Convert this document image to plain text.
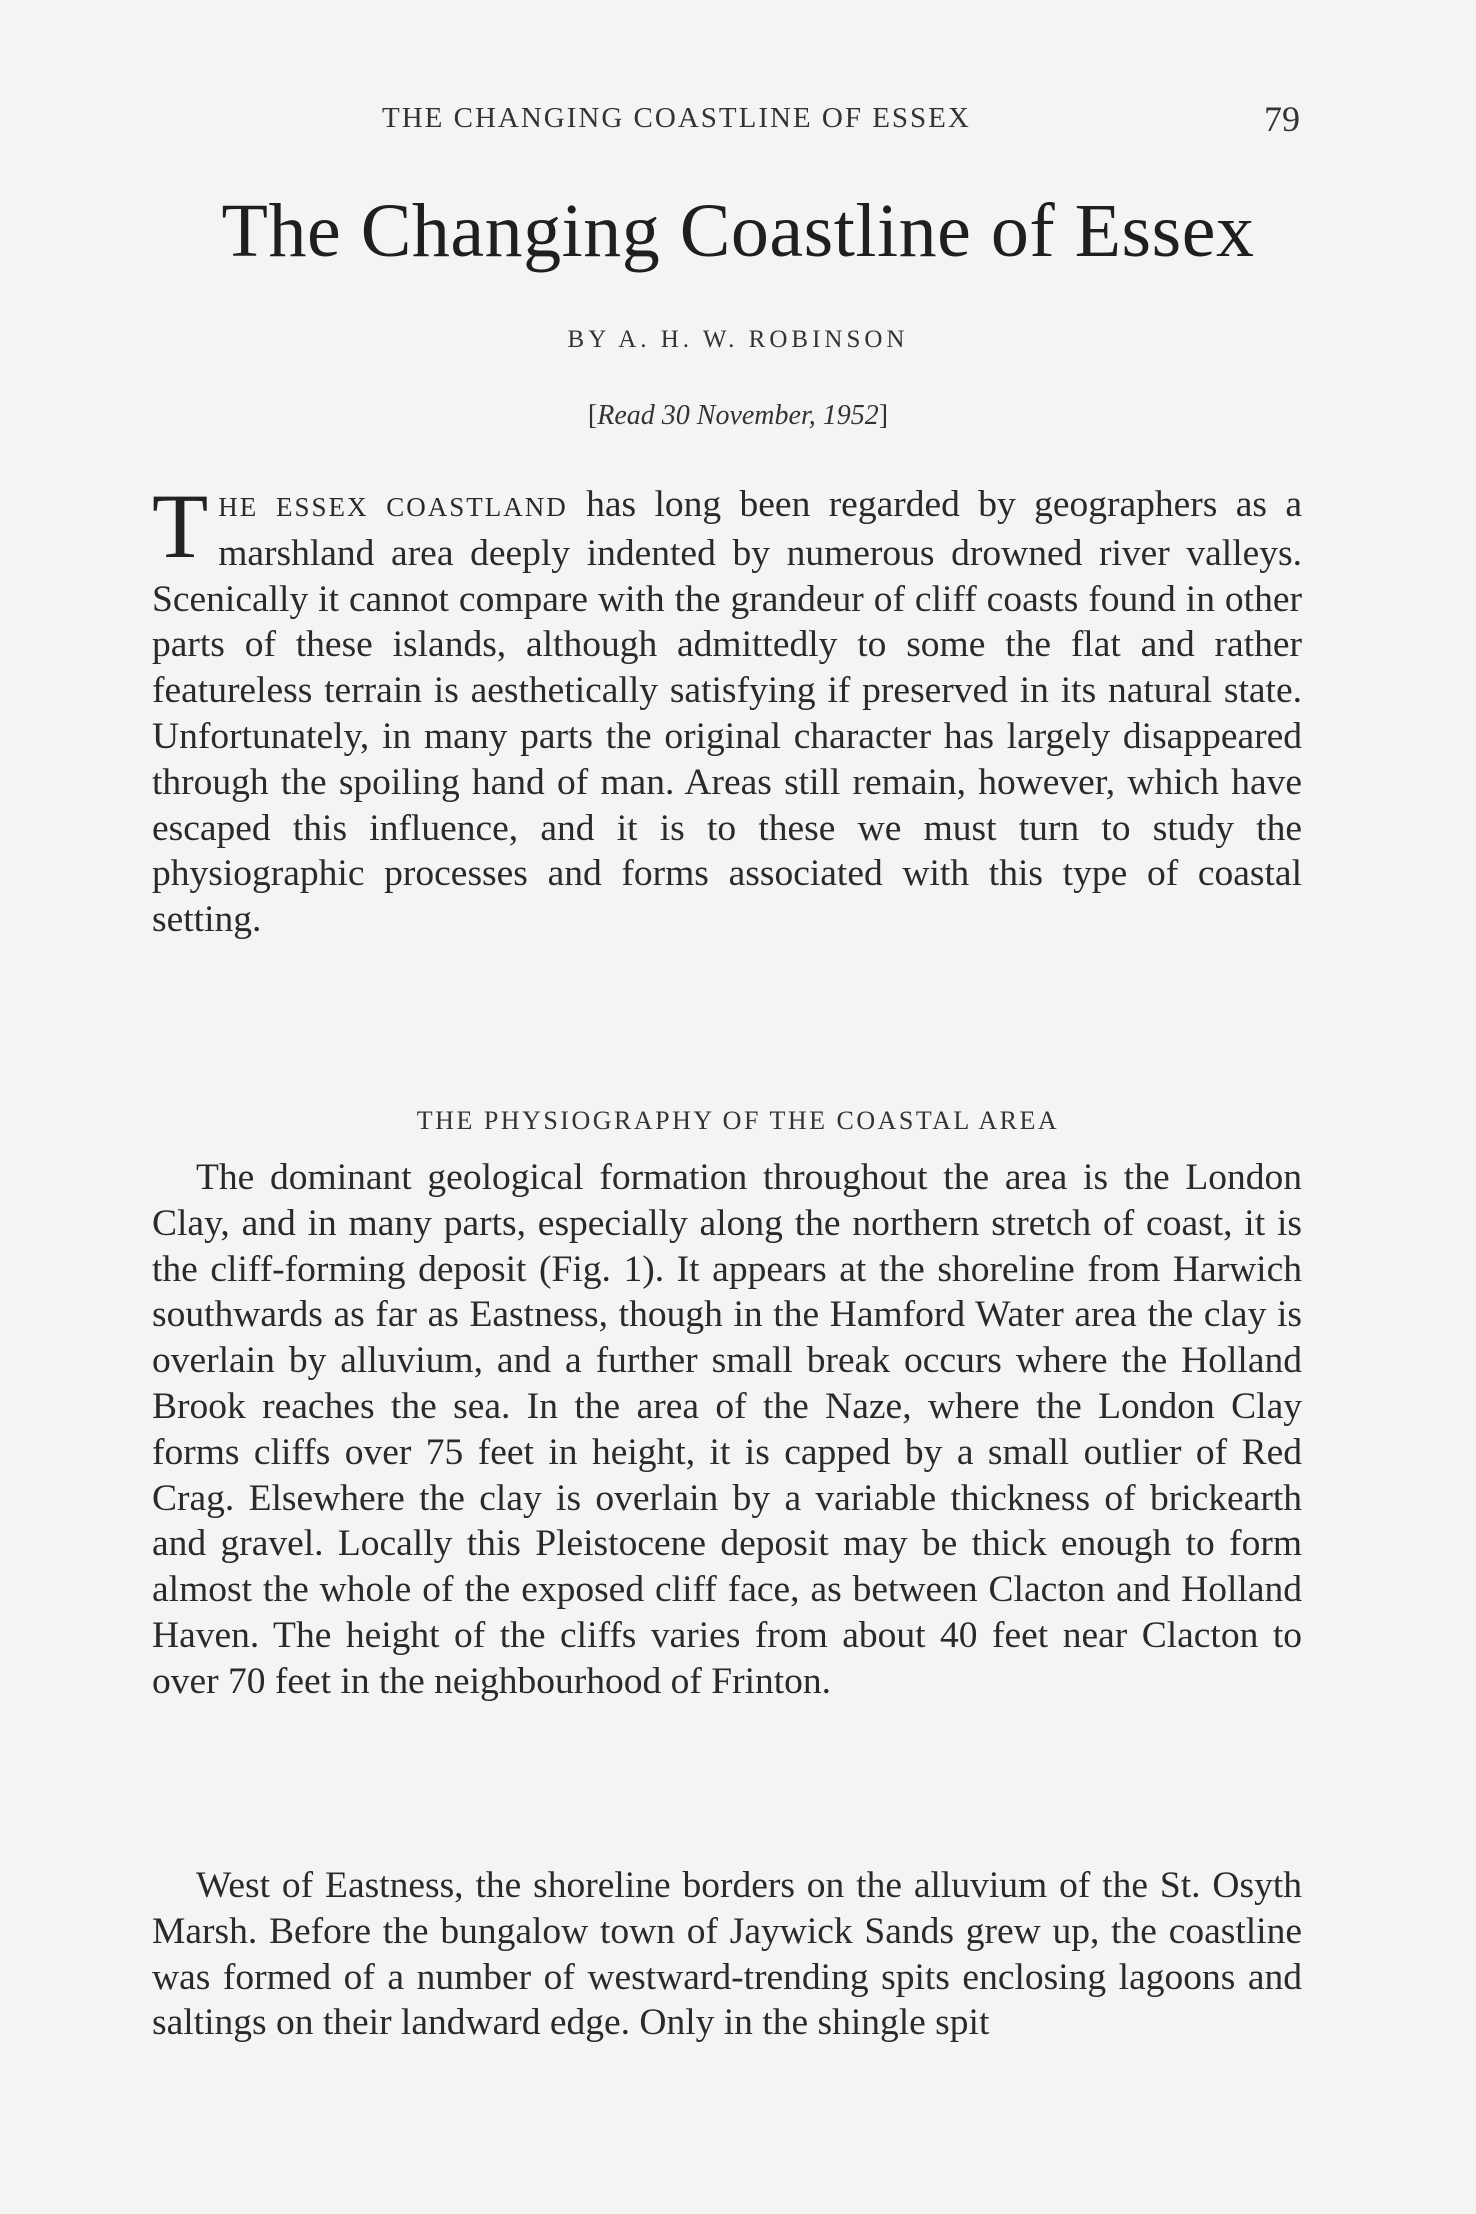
THE CHANGING COASTLINE OF ESSEX	79
The Changing Coastline of Essex
BY A. H. W. ROBINSON
[Read 30 November, 1952]

THE ESSEX COASTLAND has long been regarded by geographers as a marshland area deeply indented by numerous drowned river valleys. Scenically it cannot compare with the grandeur of cliff coasts found in other parts of these islands, although admittedly to some the flat and rather featureless terrain is aesthetically satisfying if preserved in its natural state. Unfortunately, in many parts the original character has largely disappeared through the spoiling hand of man. Areas still remain, however, which have escaped this influence, and it is to these we must turn to study the physiographic processes and forms associated with this type of coastal setting.

THE PHYSIOGRAPHY OF THE COASTAL AREA

The dominant geological formation throughout the area is the London Clay, and in many parts, especially along the northern stretch of coast, it is the cliff-forming deposit (Fig. 1). It appears at the shoreline from Harwich southwards as far as Eastness, though in the Hamford Water area the clay is overlain by alluvium, and a further small break occurs where the Holland Brook reaches the sea. In the area of the Naze, where the London Clay forms cliffs over 75 feet in height, it is capped by a small outlier of Red Crag. Elsewhere the clay is overlain by a variable thickness of brickearth and gravel. Locally this Pleistocene deposit may be thick enough to form almost the whole of the exposed cliff face, as between Clacton and Holland Haven. The height of the cliffs varies from about 40 feet near Clacton to over 70 feet in the neighbourhood of Frinton.

West of Eastness, the shoreline borders on the alluvium of the St. Osyth Marsh. Before the bungalow town of Jaywick Sands grew up, the coastline was formed of a number of westward-trending spits enclosing lagoons and saltings on their landward edge. Only in the shingle spit
